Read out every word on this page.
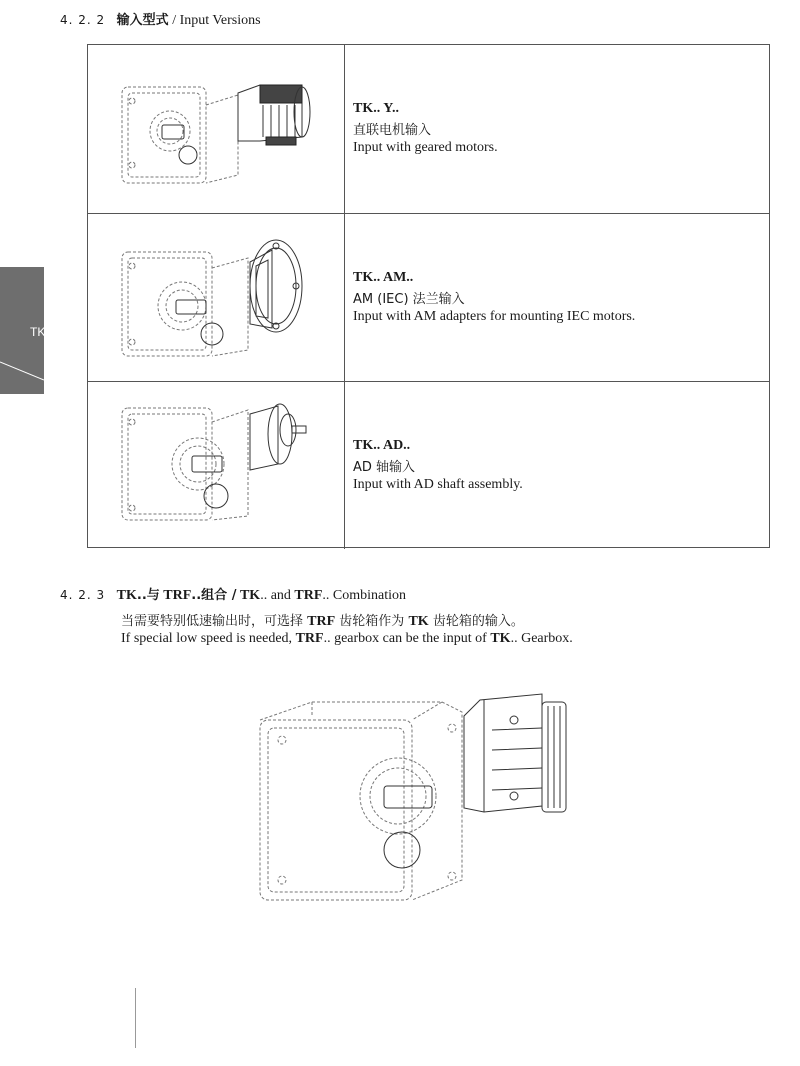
4. 2. 2 输入型式 / Input Versions
TK
TK.. Y..
直联电机输入
Input with geared motors.
TK.. AM..
AM (IEC) 法兰输入
Input with AM adapters for mounting IEC motors.
TK.. AD..
AD 轴输入
Input with AD shaft assembly.
4. 2. 3 TK..与 TRF..组合 / TK.. and TRF.. Combination
当需要特别低速输出时，可选择 TRF 齿轮箱作为 TK 齿轮箱的输入。
If special low speed is needed, TRF.. gearbox can be the input of TK.. Gearbox.
